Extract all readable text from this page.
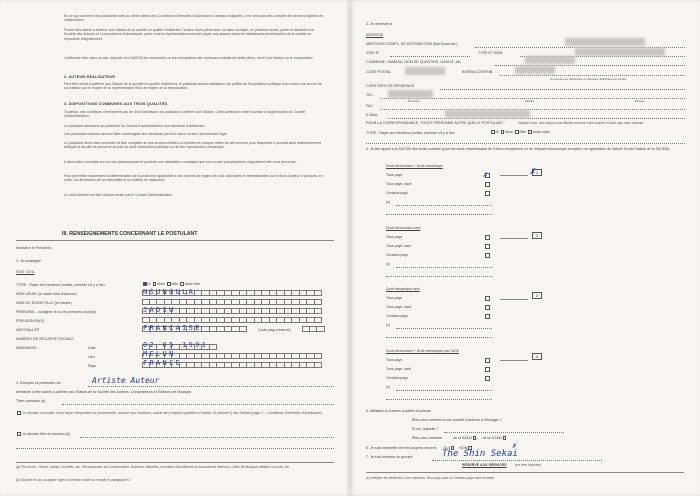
En ce qui concerne les postulants visés au 4ème alinéa des Conditions Générales d'Admission ci-dessus indiquées, il ne sera pas tenu compte des œuvres signées en collaboration.
Pourra être admis à adhérer aux Statuts de la société en qualité d'adhérent, l'auteur d'une pièce avec ou sans musique, en plusieurs actes, jouée et déclarée à la Société des Auteurs et Compositeurs Dramatiques, pièce dont la représentation aura été payée aux auteurs dans les établissements tributaires de la société ou reproduite intégralement.
L'intéressé doit, dans ce cas, déposer à la SACEM les manuscrits ou les exemplaires des morceaux extraits de ladite pièce, dont il est l'auteur ou le compositeur.
2. AUTEUR-RÉALISATEUR
Peut être admis à adhérer aux Statuts de la société en qualité d'adhérent, le postulant auteur-réalisateur qui justifie de l'exploitation publique d'au moins une œuvre de sa création par le moyen de la représentation et/ou le moyen de la reproduction.
3. DISPOSITIONS COMMUNES AUX TROIS QUALITÉS
Toutefois, ces conditions n'entraînent pas de droit l'admission du postulant à adhérer aux Statuts. Cette admission reste soumise à l'appréciation du Conseil d'Administration.
Le postulant adressera au président du Conseil d'administration une demande d'admission.
Les postulants mineurs devront faire contresigner leur demande par leur tuteur ou leur représentant légal.
Le postulant devra faire connaître la liste complète de ses œuvres éditées ou inédites et indiquer celles de ses œuvres pour lesquelles il pourrait avoir antérieurement délégué la faculté de percevoir sa part du droit d'exécution publique ou de leur reproduction mécanique.
Il devra faire connaître son ou ses pseudonymes et produire une attestation constatant que son ou ses pseudonymes n'appartient bien à sa personne.
Pour permettre notamment la détermination de la protection applicable à ses œuvres au regard des lois nationales et internationales sur le droit d'auteur, il produira, en outre, sa déclaration de sa nationalité et un bulletin de naissance.
Le droit d'entrée est fixé chaque année par le Conseil d'administration.
III. RENSEIGNEMENTS CONCERNANT LE POSTULANT
Monsieur le Président,
1. Je soussigné
ETAT CIVIL
TITRE : Rayer les mentions inutiles, préciser s'il y a lieu	M Mme Mlle Autre titre
NOM USUEL (si marié nom d'épouse)	NSUNGULA
NOM DE JEUNE FILLE (si mariée)
PRÉNOMS – souligner le ou les prénoms usuel(s)	JADSU
PSEUDONYM(S)
NATIONALITÉ	FRANCAISE	Code pays (réservé)
NUMÉRO DE SÉCURITÉ SOCIALE
NAISSANCE :	Date	02 05 1991
Lieu	MELUN
Pays	FRANCE
2. Exerçant la profession de :	Artiste Auteur
demande à être admis à adhérer aux Statuts de la Société des Auteurs, Compositeurs et Éditeurs de Musique,
Titres spéciaux (a)
Je déclare n'occuper d'une façon temporaire ou permanente, aucune des fonctions, aucun des emplois spécifiés à l'article 10 premier § des Statuts (page 1 – Conditions Générales d'Admission).
Je déclare être en fonction (b)
(a) Prix divers : Rome, Institut, Sociétés, etc. Récompenses du Conservatoire, fonctions officielles, membres d'académies et associations diverses, Chefs de Musique militaire ou civile, etc.
(b) Suivant le cas, souligner rayer la mention inutile ou remplir le paragraphe 2
3. Je demeure à
ADRESSE
MENTIONS COMPL. DE DISTRIBUTION (Bat Escal etc.)
VOIE N°	TYPE ET NOM
COMMUNE, HAMEAU, NOM DE QUARTIER, LIEUDIT, etc.
CODE POSTAL	BUREAU DISTRIB.
Commune de distribution ou Bureau distributeur et Cedex
CODE PAYS DE RÉSIDENCE
TEL.
Domicile	Mobile	Bureau
FAX
E-MAIL
POUR LA CORRESPONDANCE, TOUTE PERSONNE AUTRE QUE LE POSTULANT :	Indiquer Nom, nom lequel vous désirez recevoir votre courrier et autre que votre adresse.
TITRE : Rayer les mentions inutiles, préciser s'il y a lieu	M Mme Mlle Autre style
4. Je fais apport à la SACEM des droits suivants (pour les seuls ressortissants de l'Union européenne ou de l'espace économique européen, en application de l'article 34 des Statuts de la SACEM) :
Droit d'exécution + Droit mécanique
Tous pays	✗
Tous pays, sauf
Certains pays
(c)
1
✗
Droit d'exécution seul
Tous pays
Tous pays, sauf
Certains pays
(c)
2
Droit mécanique seul
Tous pays
Tous pays, sauf
Certains pays
(c)
3
Droit d'exécution + Droit mécanique par l'ACE
Tous pays
Tous pays, sauf
Certains pays
(c)
4
5. Affiliation à d'autres sociétés d'auteurs
Êtes-vous membre d'une société d'auteurs à l'étranger ?
Si oui, laquelle ?
Êtes-vous membre	de la SACD	de la SCAM
6. Je suis interprète de mes propres œuvres OUI	NON	✗
7. Je suis membre du groupe	The Shin Sekai
RÉSERVÉ AUX SERVICES (ne rien inscrire)
(c) Indiquer les territoires si les mentions Tous pays sauf ou Certains pays sont cochées
